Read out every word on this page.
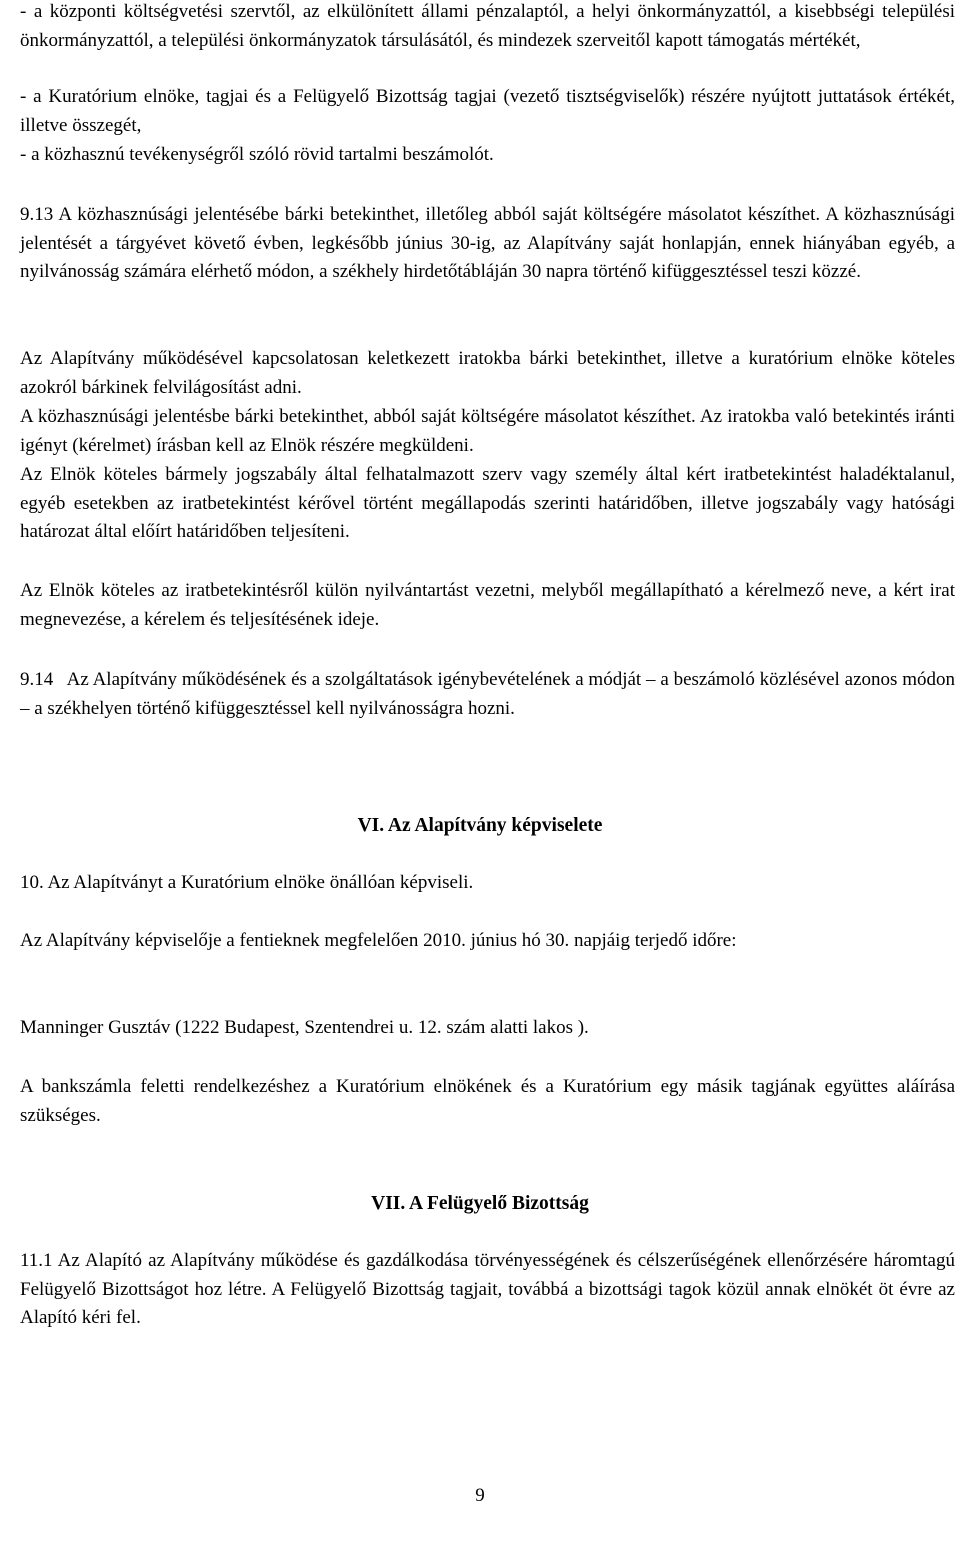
- a központi költségvetési szervtől, az elkülönített állami pénzalaptól, a helyi önkormányzattól, a kisebbségi települési önkormányzattól, a települési önkormányzatok társulásától, és mindezek szerveitől kapott támogatás mértékét,

- a Kuratórium elnöke, tagjai és a Felügyelő Bizottság tagjai (vezető tisztségviselők) részére nyújtott juttatások értékét, illetve összegét,

- a közhasznú tevékenységről szóló rövid tartalmi beszámolót.

9.13 A közhasznúsági jelentésébe bárki betekinthet, illetőleg abból saját költségére másolatot készíthet. A közhasznúsági jelentését a tárgyévet követő évben, legkésőbb június 30-ig, az Alapítvány saját honlapján, ennek hiányában egyéb, a nyilvánosság számára elérhető módon, a székhely hirdetőtábláján 30 napra történő kifüggesztéssel teszi közzé.

Az Alapítvány működésével kapcsolatosan keletkezett iratokba bárki betekinthet, illetve a kuratórium elnöke köteles azokról bárkinek felvilágosítást adni.

A közhasznúsági jelentésbe bárki betekinthet, abból saját költségére másolatot készíthet. Az iratokba való betekintés iránti igényt (kérelmet) írásban kell az Elnök részére megküldeni.

Az Elnök köteles bármely jogszabály által felhatalmazott szerv vagy személy által kért iratbetekintést haladéktalanul, egyéb esetekben az iratbetekintést kérővel történt megállapodás szerinti határidőben, illetve jogszabály vagy hatósági határozat által előírt határidőben teljesíteni.

Az Elnök köteles az iratbetekintésről külön nyilvántartást vezetni, melyből megállapítható a kérelmező neve, a kért irat megnevezése, a kérelem és teljesítésének ideje.

9.14 Az Alapítvány működésének és a szolgáltatások igénybevételének a módját – a beszámoló közlésével azonos módon – a székhelyen történő kifüggesztéssel kell nyilvánosságra hozni.

VI. Az Alapítvány képviselete

10. Az Alapítványt a Kuratórium elnöke önállóan képviseli.

Az Alapítvány képviselője a fentieknek megfelelően 2010. június hó 30. napjáig terjedő időre:

Manninger Gusztáv (1222 Budapest, Szentendrei u. 12. szám alatti lakos ).

A bankszámla feletti rendelkezéshez a Kuratórium elnökének és a Kuratórium egy másik tagjának együttes aláírása szükséges.

VII. A Felügyelő Bizottság

11.1 Az Alapító az Alapítvány működése és gazdálkodása törvényességének és célszerűségének ellenőrzésére háromtagú Felügyelő Bizottságot hoz létre. A Felügyelő Bizottság tagjait, továbbá a bizottsági tagok közül annak elnökét öt évre az Alapító kéri fel.

9
